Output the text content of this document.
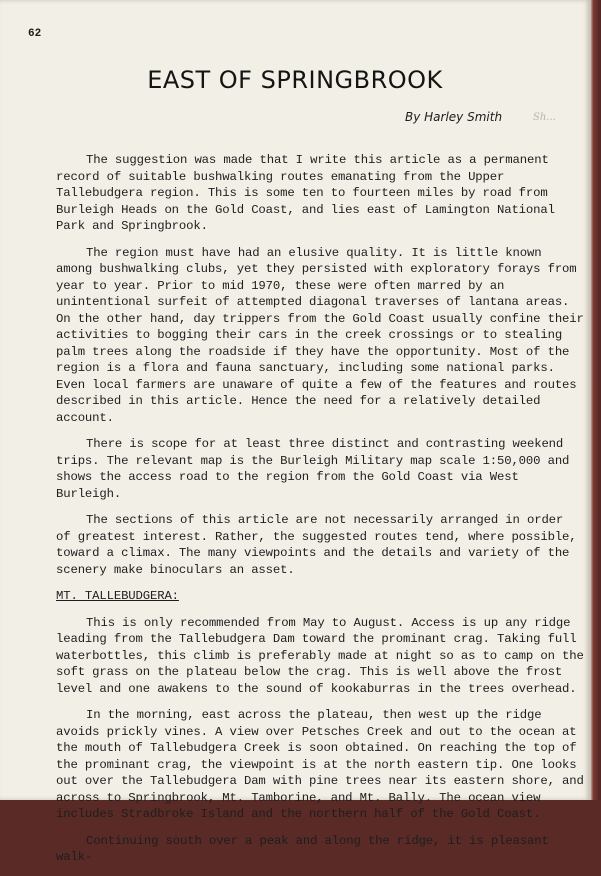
62
EAST OF SPRINGBROOK
By Harley Smith	Sh...

The suggestion was made that I write this article as a permanent record of suitable bushwalking routes emanating from the Upper Tallebudgera region. This is some ten to fourteen miles by road from Burleigh Heads on the Gold Coast, and lies east of Lamington National Park and Springbrook.

The region must have had an elusive quality. It is little known among bushwalking clubs, yet they persisted with exploratory forays from year to year. Prior to mid 1970, these were often marred by an unintentional surfeit of attempted diagonal traverses of lantana areas. On the other hand, day trippers from the Gold Coast usually confine their activities to bogging their cars in the creek crossings or to stealing palm trees along the roadside if they have the opportunity. Most of the region is a flora and fauna sanctuary, including some national parks. Even local farmers are unaware of quite a few of the features and routes described in this article. Hence the need for a relatively detailed account.

There is scope for at least three distinct and contrasting weekend trips. The relevant map is the Burleigh Military map scale 1:50,000 and shows the access road to the region from the Gold Coast via West Burleigh.

The sections of this article are not necessarily arranged in order of greatest interest. Rather, the suggested routes tend, where possible, toward a climax. The many viewpoints and the details and variety of the scenery make binoculars an asset.

MT. TALLEBUDGERA:

This is only recommended from May to August. Access is up any ridge leading from the Tallebudgera Dam toward the prominant crag. Taking full waterbottles, this climb is preferably made at night so as to camp on the soft grass on the plateau below the crag. This is well above the frost level and one awakens to the sound of kookaburras in the trees overhead.

In the morning, east across the plateau, then west up the ridge avoids prickly vines. A view over Petsches Creek and out to the ocean at the mouth of Tallebudgera Creek is soon obtained. On reaching the top of the prominant crag, the viewpoint is at the north eastern tip. One looks out over the Tallebudgera Dam with pine trees near its eastern shore, and across to Springbrook, Mt. Tamborine, and Mt. Bally. The ocean view includes Stradbroke Island and the northern half of the Gold Coast.

Continuing south over a peak and along the ridge, it is pleasant walk-
